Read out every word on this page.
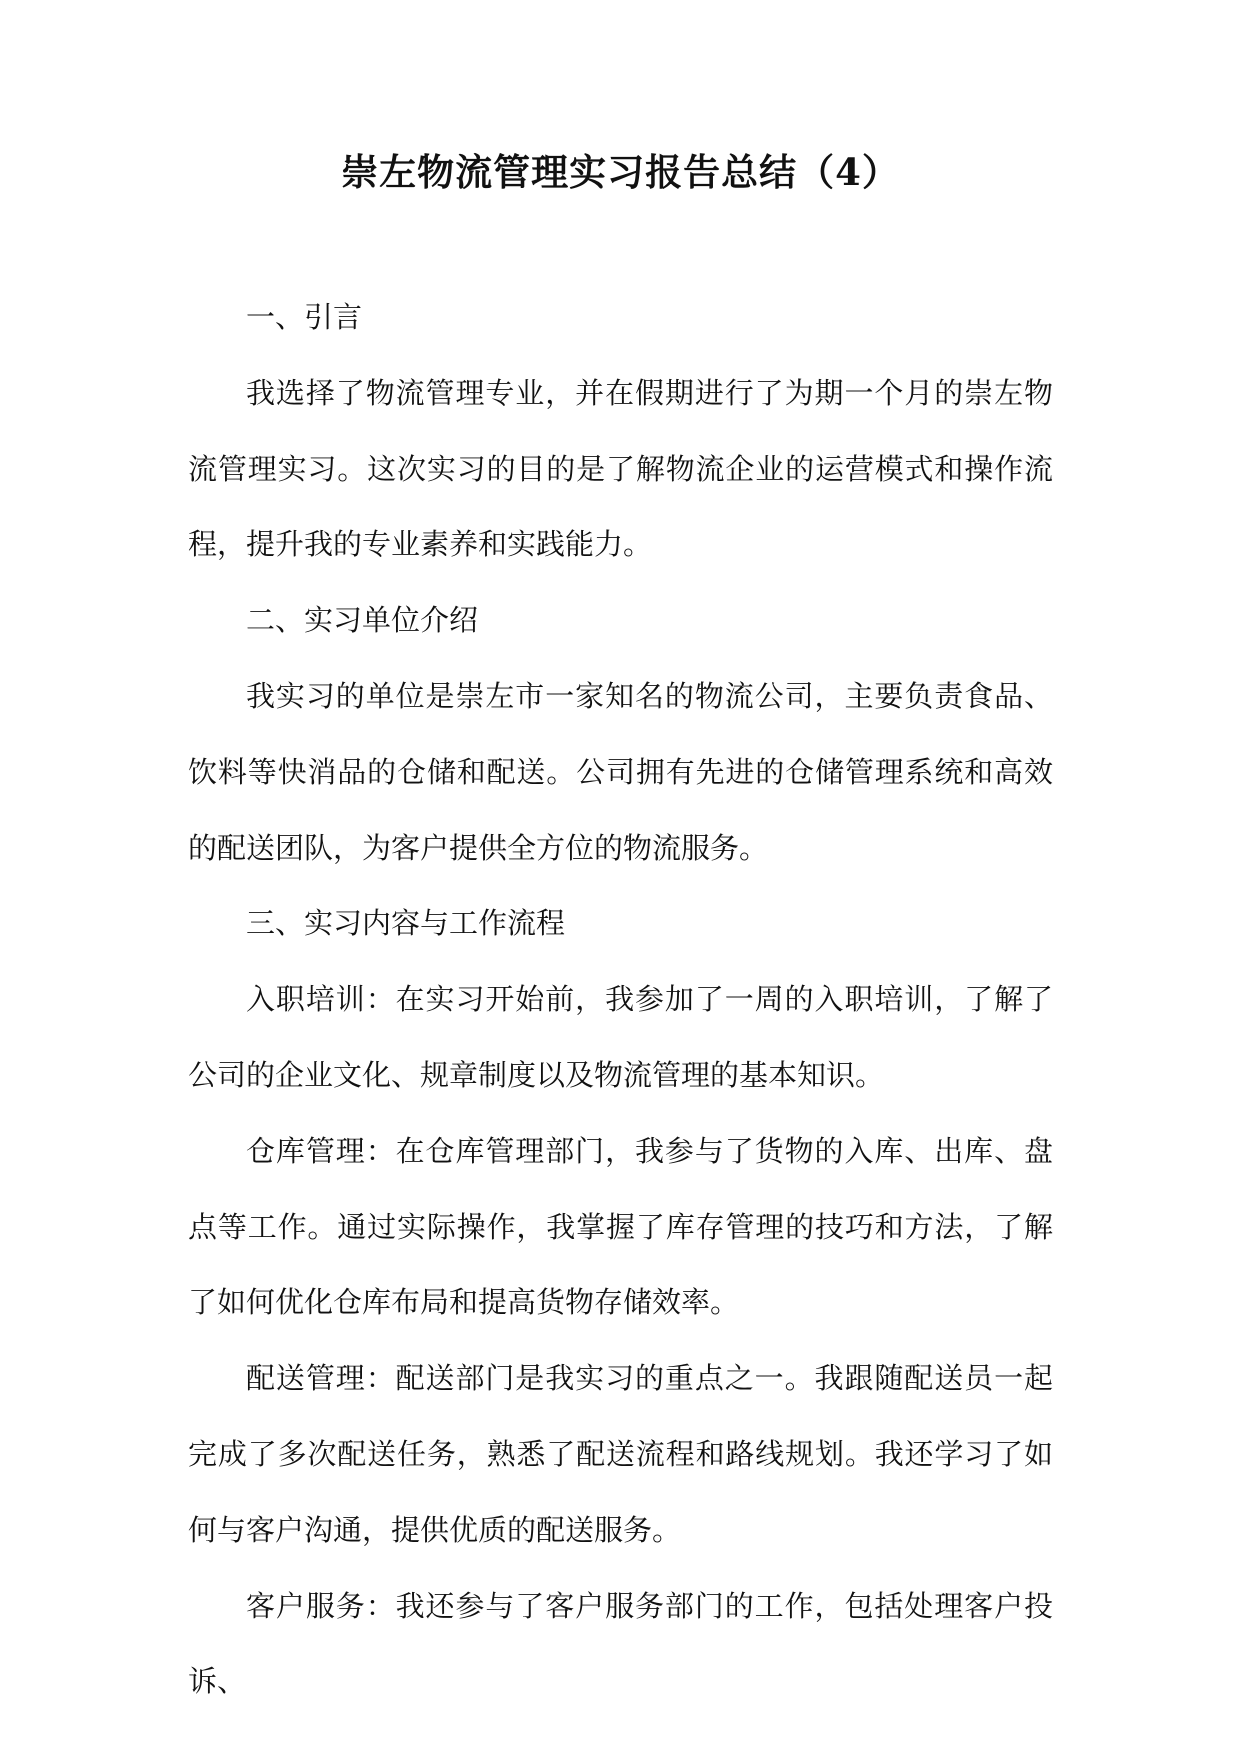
崇左物流管理实习报告总结（4）

一、引言

我选择了物流管理专业，并在假期进行了为期一个月的崇左物流管理实习。这次实习的目的是了解物流企业的运营模式和操作流程，提升我的专业素养和实践能力。

二、实习单位介绍

我实习的单位是崇左市一家知名的物流公司，主要负责食品、饮料等快消品的仓储和配送。公司拥有先进的仓储管理系统和高效的配送团队，为客户提供全方位的物流服务。

三、实习内容与工作流程

入职培训：在实习开始前，我参加了一周的入职培训，了解了公司的企业文化、规章制度以及物流管理的基本知识。

仓库管理：在仓库管理部门，我参与了货物的入库、出库、盘点等工作。通过实际操作，我掌握了库存管理的技巧和方法，了解了如何优化仓库布局和提高货物存储效率。

配送管理：配送部门是我实习的重点之一。我跟随配送员一起完成了多次配送任务，熟悉了配送流程和路线规划。我还学习了如何与客户沟通，提供优质的配送服务。

客户服务：我还参与了客户服务部门的工作，包括处理客户投诉、
